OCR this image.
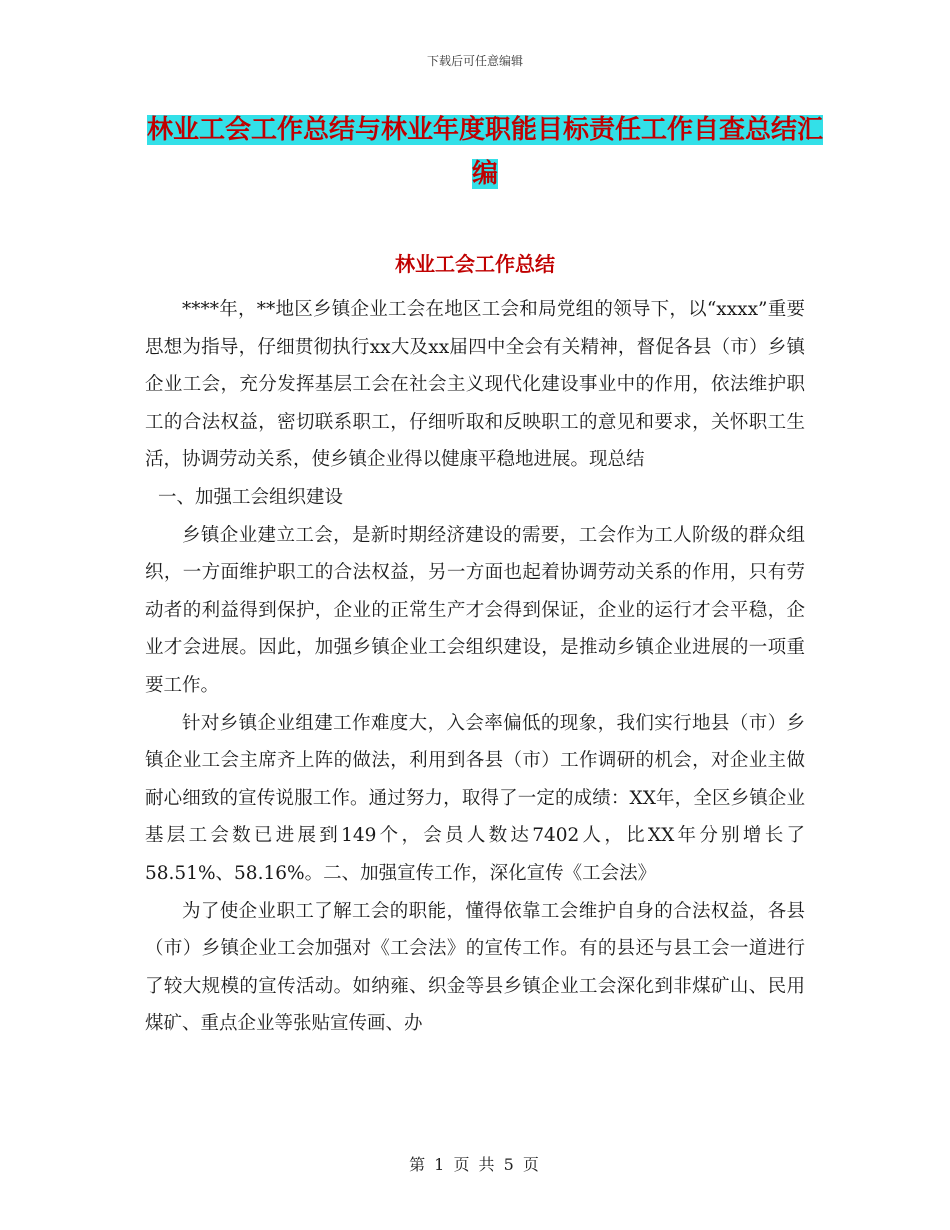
下载后可任意编辑
林业工会工作总结与林业年度职能目标责任工作自查总结汇编
林业工会工作总结

****年，**地区乡镇企业工会在地区工会和局党组的领导下，以“xxxx”重要思想为指导，仔细贯彻执行xx大及xx届四中全会有关精神，督促各县（市）乡镇企业工会，充分发挥基层工会在社会主义现代化建设事业中的作用，依法维护职工的合法权益，密切联系职工，仔细听取和反映职工的意见和要求，关怀职工生活，协调劳动关系，使乡镇企业得以健康平稳地进展。现总结

一、加强工会组织建设

乡镇企业建立工会，是新时期经济建设的需要，工会作为工人阶级的群众组织，一方面维护职工的合法权益，另一方面也起着协调劳动关系的作用，只有劳动者的利益得到保护，企业的正常生产才会得到保证，企业的运行才会平稳，企业才会进展。因此，加强乡镇企业工会组织建设，是推动乡镇企业进展的一项重要工作。

针对乡镇企业组建工作难度大，入会率偏低的现象，我们实行地县（市）乡镇企业工会主席齐上阵的做法，利用到各县（市）工作调研的机会，对企业主做耐心细致的宣传说服工作。通过努力，取得了一定的成绩：XX年，全区乡镇企业基层工会数已进展到149个，会员人数达7402人，比XX年分别增长了58.51%、58.16%。二、加强宣传工作，深化宣传《工会法》

为了使企业职工了解工会的职能，懂得依靠工会维护自身的合法权益，各县（市）乡镇企业工会加强对《工会法》的宣传工作。有的县还与县工会一道进行了较大规模的宣传活动。如纳雍、织金等县乡镇企业工会深化到非煤矿山、民用煤矿、重点企业等张贴宣传画、办

第 1 页 共 5 页
